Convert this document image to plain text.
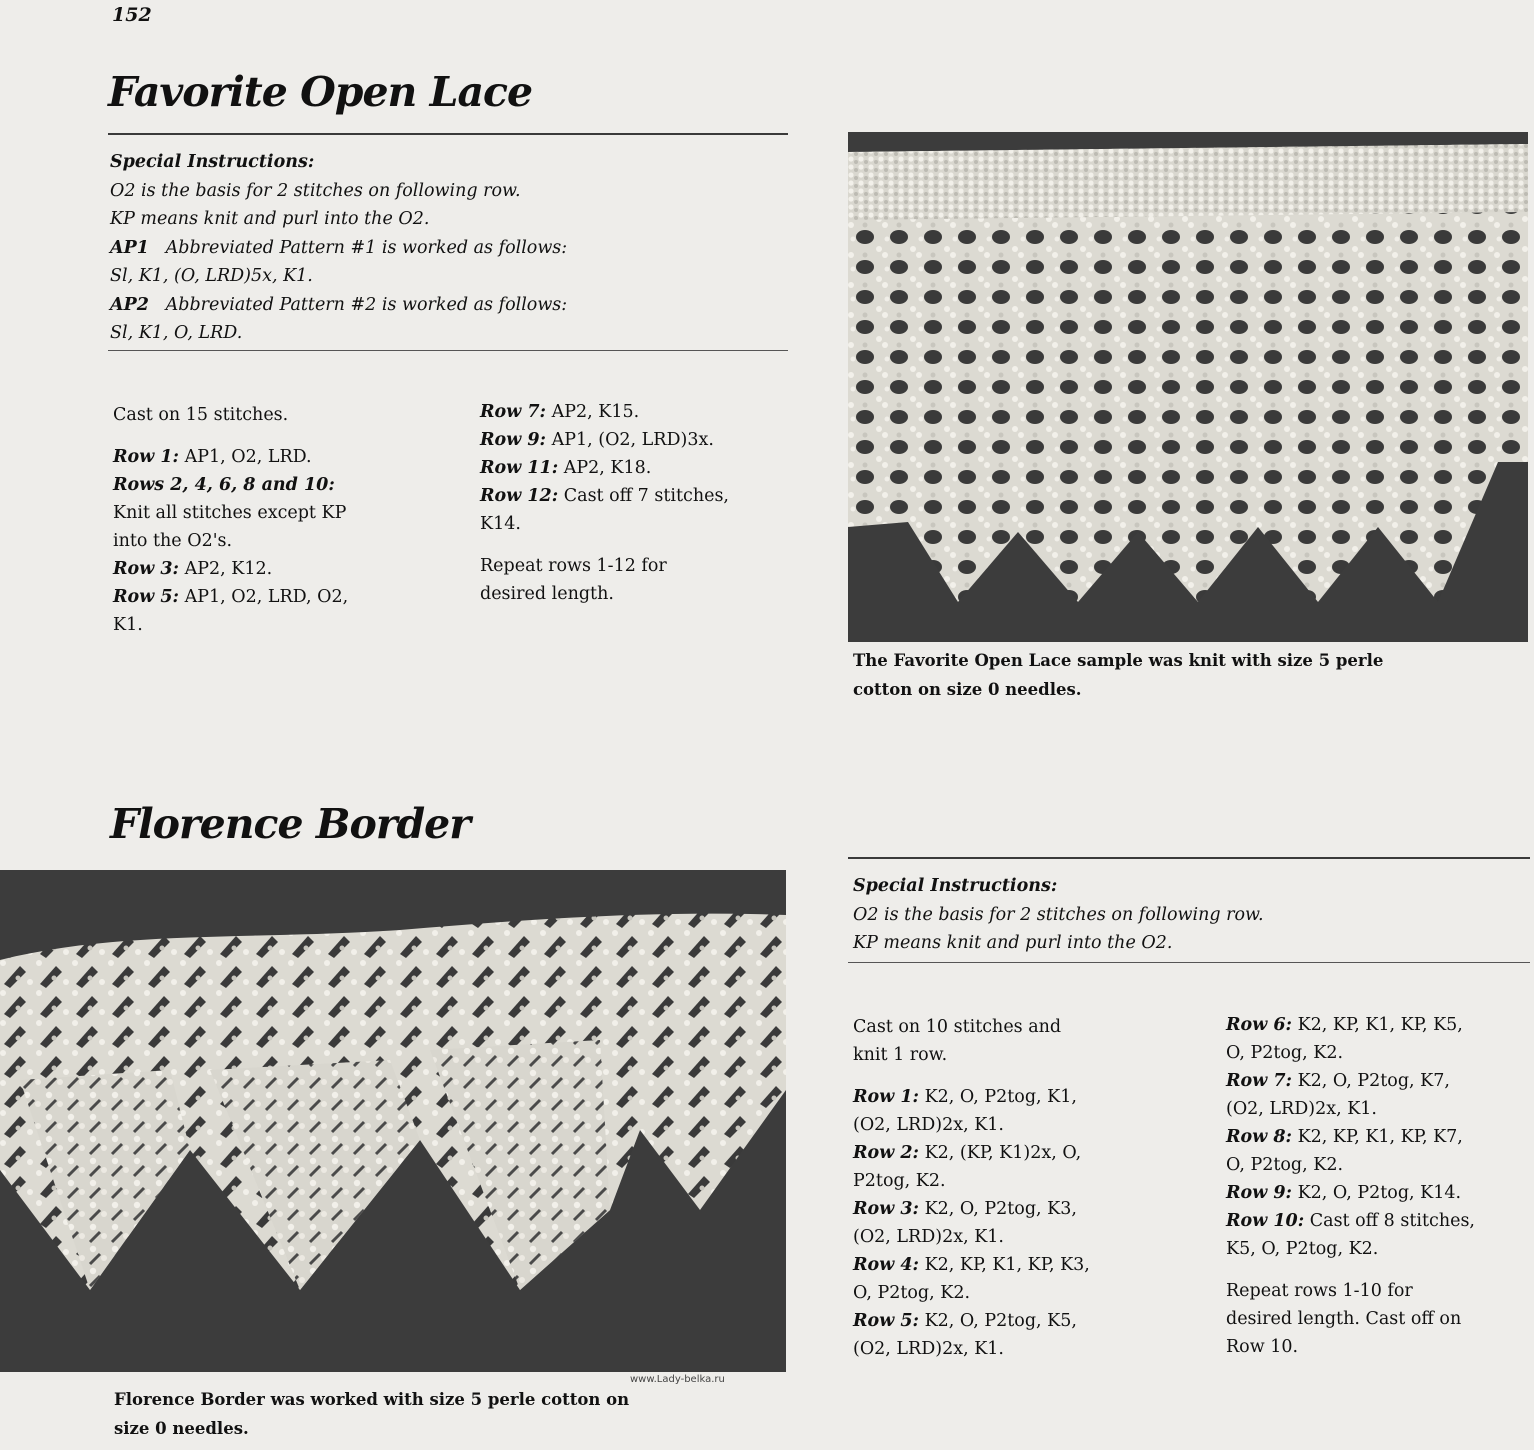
152

Favorite Open Lace
Special Instructions:
O2 is the basis for 2 stitches on following row.
KP means knit and purl into the O2.
AP1 Abbreviated Pattern #1 is worked as follows:
Sl, K1, (O, LRD)5x, K1.
AP2 Abbreviated Pattern #2 is worked as follows:
Sl, K1, O, LRD.

Cast on 15 stitches.

Row 1: AP1, O2, LRD.

Rows 2, 4, 6, 8 and 10:

Knit all stitches except KP

into the O2's.

Row 3: AP2, K12.

Row 5: AP1, O2, LRD, O2,

K1.

Row 7: AP2, K15.

Row 9: AP1, (O2, LRD)3x.

Row 11: AP2, K18.

Row 12: Cast off 7 stitches,

K14.

Repeat rows 1-12 for

desired length.

The Favorite Open Lace sample was knit with size 5 perle
cotton on size 0 needles.
Florence Border
www.Lady-belka.ru
Florence Border was worked with size 5 perle cotton on
size 0 needles.
Special Instructions:
O2 is the basis for 2 stitches on following row.
KP means knit and purl into the O2.

Cast on 10 stitches and

knit 1 row.

Row 1: K2, O, P2tog, K1,

(O2, LRD)2x, K1.

Row 2: K2, (KP, K1)2x, O,

P2tog, K2.

Row 3: K2, O, P2tog, K3,

(O2, LRD)2x, K1.

Row 4: K2, KP, K1, KP, K3,

O, P2tog, K2.

Row 5: K2, O, P2tog, K5,

(O2, LRD)2x, K1.

Row 6: K2, KP, K1, KP, K5,

O, P2tog, K2.

Row 7: K2, O, P2tog, K7,

(O2, LRD)2x, K1.

Row 8: K2, KP, K1, KP, K7,

O, P2tog, K2.

Row 9: K2, O, P2tog, K14.

Row 10: Cast off 8 stitches,

K5, O, P2tog, K2.

Repeat rows 1-10 for

desired length. Cast off on

Row 10.
